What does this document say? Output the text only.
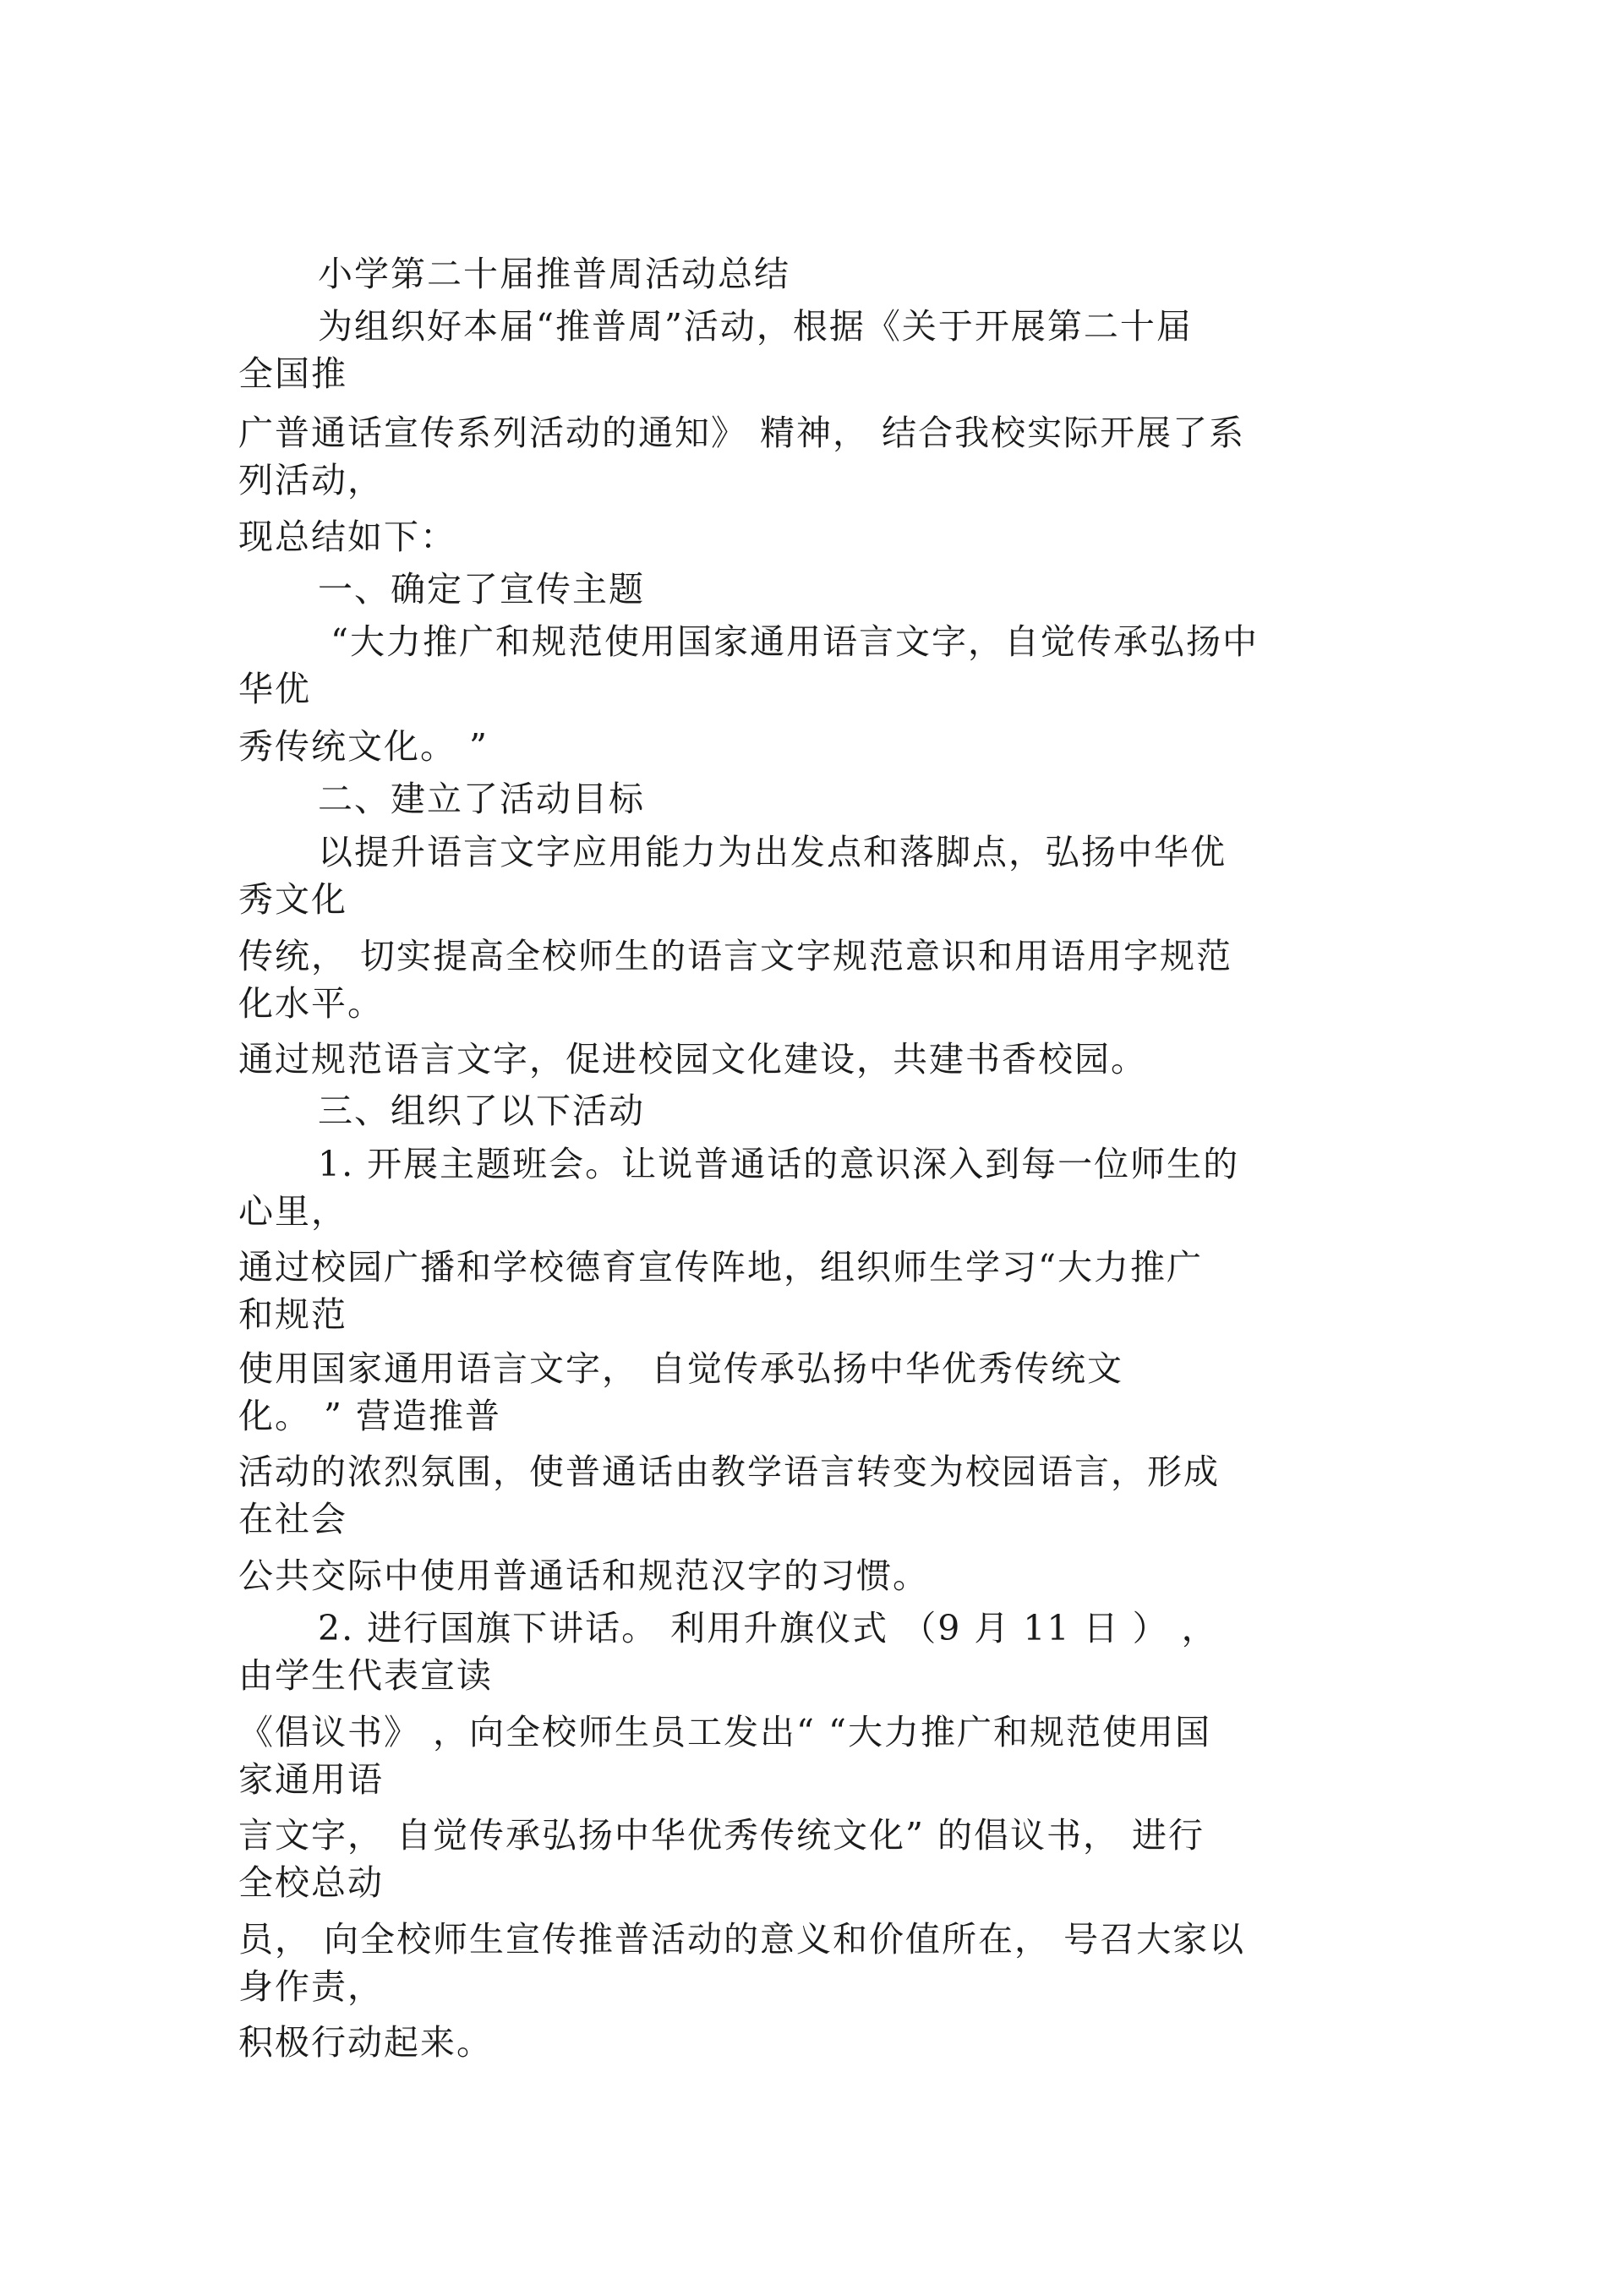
小学第二十届推普周活动总结
为组织好本届“推普周”活动，根据《关于开展第二十届
全国推
广普通话宣传系列活动的通知》 精神， 结合我校实际开展了系
列活动，
现总结如下：
一、确定了宣传主题
“大力推广和规范使用国家通用语言文字，自觉传承弘扬中
华优
秀传统文化。 ”
二、建立了活动目标
以提升语言文字应用能力为出发点和落脚点，弘扬中华优
秀文化
传统， 切实提高全校师生的语言文字规范意识和用语用字规范
化水平。
通过规范语言文字，促进校园文化建设，共建书香校园。
三、组织了以下活动
1. 开展主题班会。让说普通话的意识深入到每一位师生的
心里，
通过校园广播和学校德育宣传阵地，组织师生学习“大力推广
和规范
使用国家通用语言文字， 自觉传承弘扬中华优秀传统文
化。 ” 营造推普
活动的浓烈氛围，使普通话由教学语言转变为校园语言，形成
在社会
公共交际中使用普通话和规范汉字的习惯。
2. 进行国旗下讲话。 利用升旗仪式 （9 月 11 日 ） ，
由学生代表宣读
《倡议书》 ，向全校师生员工发出“ “大力推广和规范使用国
家通用语
言文字， 自觉传承弘扬中华优秀传统文化” 的倡议书， 进行
全校总动
员， 向全校师生宣传推普活动的意义和价值所在， 号召大家以
身作责，
积极行动起来。
